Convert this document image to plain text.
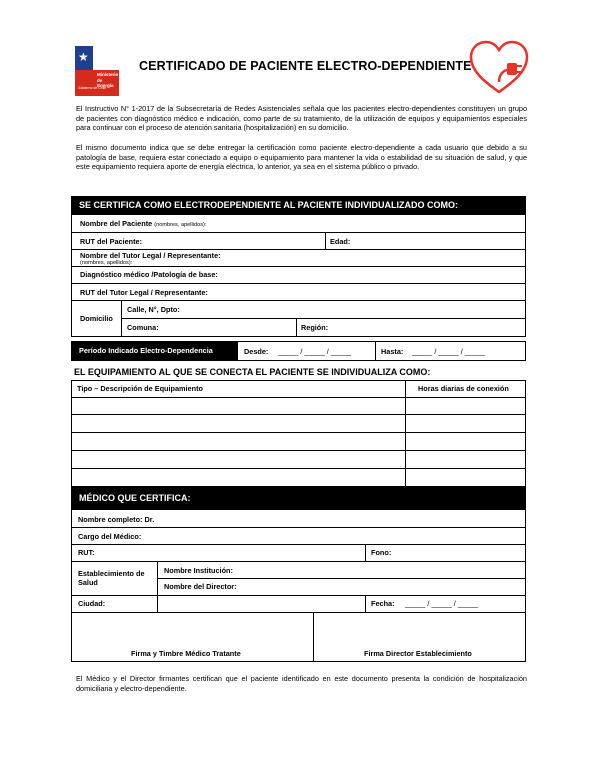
★
Ministerio de Energía
Gobierno de Chile
CERTIFICADO DE PACIENTE ELECTRO-DEPENDIENTE
El Instructivo N° 1-2017 de la Subsecretaría de Redes Asistenciales señala que los pacientes electro-dependientes constituyen un grupo de pacientes con diagnóstico médico e indicación, como parte de su tratamiento, de la utilización de equipos y equipamientos especiales para continuar con el proceso de atención sanitaria (hospitalización) en su domicilio.
El mismo documento indica que se debe entregar la certificación como paciente electro-dependiente a cada usuario que debido a su patología de base, requiera estar conectado a equipo o equipamiento para mantener la vida o estabilidad de su situación de salud, y que este equipamiento requiera aporte de energía eléctrica, lo anterior, ya sea en el sistema público o privado.
SE CERTIFICA COMO ELECTRODEPENDIENTE AL PACIENTE INDIVIDUALIZADO COMO:
Nombre del Paciente (nombres, apellidos):
RUT del Paciente:	Edad:
Nombre del Tutor Legal / Representante:
(nombres, apellidos):
Diagnóstico médico /Patología de base:
RUT del Tutor Legal / Representante:
Domicilio
Calle, N°, Dpto:
Comuna:	Región:
Período Indicado Electro-Dependencia	Desde: _____ / _____ / _____	Hasta: _____ / _____ / _____
EL EQUIPAMIENTO AL QUE SE CONECTA EL PACIENTE SE INDIVIDUALIZA COMO:
Tipo – Descripción de Equipamiento	Horas diarias de conexión
MÉDICO QUE CERTIFICA:
Nombre completo: Dr.
Cargo del Médico:
RUT:	Fono:
Establecimiento de Salud
Nombre Institución:
Nombre del Director:
Ciudad:	Fecha: _____ / _____ / _____
Firma y Timbre Médico Tratante	Firma Director Establecimiento
El Médico y el Director firmantes certifican que el paciente identificado en este documento presenta la condición de hospitalización domiciliaria y electro-dependiente.
